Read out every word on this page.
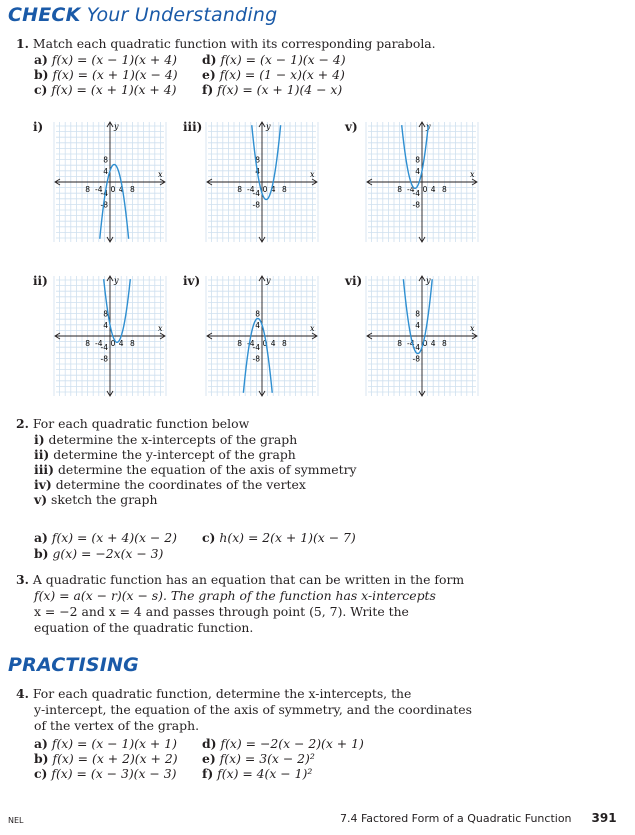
CHECK Your Understanding
1. Match each quadratic function with its corresponding parabola.
a) f(x) = (x − 1)(x + 4)
b) f(x) = (x + 1)(x − 4)
c) f(x) = (x + 1)(x + 4)
d) f(x) = (x − 1)(x − 4)
e) f(x) = (1 − x)(x + 4)
f) f(x) = (x + 1)(4 − x)
i)
ii)
iii)
iv)
v)
vi)
x
y
8 -4 0 4 8
8
4
-4
-8
x
y
8 -4 0 4 8
8
4
-4
-8
x
y
8 -4 0 4 8
8
4
-4
-8
x
y
8 -4 0 4 8
8
4
-4
-8
x
y
8 -4 0 4 8
8
4
-4
-8
x
y
8 -4 0 4 8
8
4
-4
-8
2. For each quadratic function below
i) determine the x-intercepts of the graph
ii) determine the y-intercept of the graph
iii) determine the equation of the axis of symmetry
iv) determine the coordinates of the vertex
v) sketch the graph
a) f(x) = (x + 4)(x − 2) c) h(x) = 2(x + 1)(x − 7)
b) g(x) = −2x(x − 3)
3. A quadratic function has an equation that can be written in the form
f(x) = a(x − r)(x − s). The graph of the function has x-intercepts
x = −2 and x = 4 and passes through point (5, 7). Write the
equation of the quadratic function.
PRACTISING
4. For each quadratic function, determine the x-intercepts, the
y-intercept, the equation of the axis of symmetry, and the coordinates
of the vertex of the graph.
a) f(x) = (x − 1)(x + 1)
b) f(x) = (x + 2)(x + 2)
c) f(x) = (x − 3)(x − 3)
d) f(x) = −2(x − 2)(x + 1)
e) f(x) = 3(x − 2)²
f) f(x) = 4(x − 1)²
NEL	7.4 Factored Form of a Quadratic Function 391
